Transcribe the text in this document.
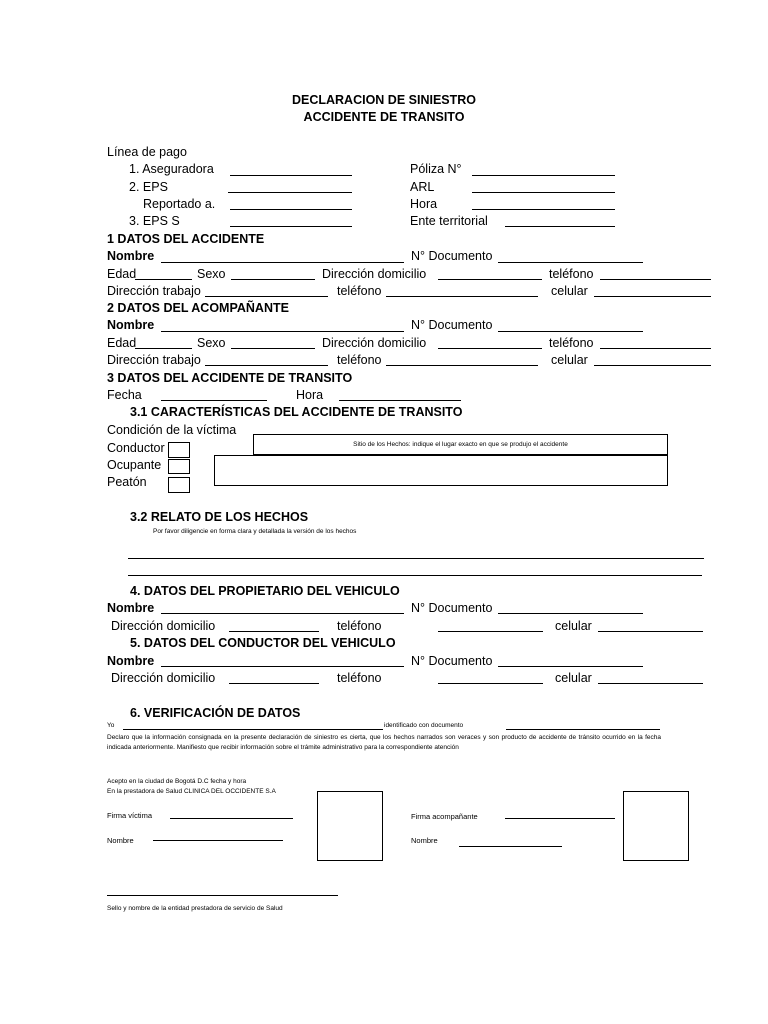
DECLARACION DE SINIESTRO
ACCIDENTE DE TRANSITO
Línea de pago
1. Aseguradora	Póliza N°
2. EPS	ARL
Reportado a.	Hora
3. EPS S	Ente territorial
1 DATOS DEL ACCIDENTE
Nombre	N° Documento
Edad	Sexo	Dirección domicilio	teléfono
Dirección trabajo	teléfono	celular
2 DATOS DEL ACOMPAÑANTE
Nombre	N° Documento
Edad	Sexo	Dirección domicilio	teléfono
Dirección trabajo	teléfono	celular
3 DATOS DEL ACCIDENTE DE TRANSITO
Fecha	Hora
3.1 CARACTERÍSTICAS DEL ACCIDENTE DE TRANSITO
Condición de la víctima
Conductor
Ocupante
Peatón
Sitio de los Hechos: indique el lugar exacto en que se produjo el accidente
3.2 RELATO DE LOS HECHOS
Por favor diligencie en forma clara y detallada la versión de los hechos
4. DATOS DEL PROPIETARIO DEL VEHICULO
Nombre	N° Documento
Dirección domicilio	teléfono	celular
5. DATOS DEL CONDUCTOR DEL VEHICULO
Nombre	N° Documento
Dirección domicilio	teléfono	celular
6. VERIFICACIÓN DE DATOS
Yo	identificado con documento
Declaro que la información consignada en la presente declaración de siniestro es cierta, que los hechos narrados son veraces y son producto de accidente de tránsito ocurrido en la fecha indicada anteriormente. Manifiesto que recibir información sobre el trámite administrativo para la correspondiente atención
Acepto en la ciudad de Bogotá D.C fecha y hora
En la prestadora de Salud CLINICA DEL OCCIDENTE S.A
Firma víctima	Firma acompañante
Nombre	Nombre
Sello y nombre de la entidad prestadora de servicio de Salud
